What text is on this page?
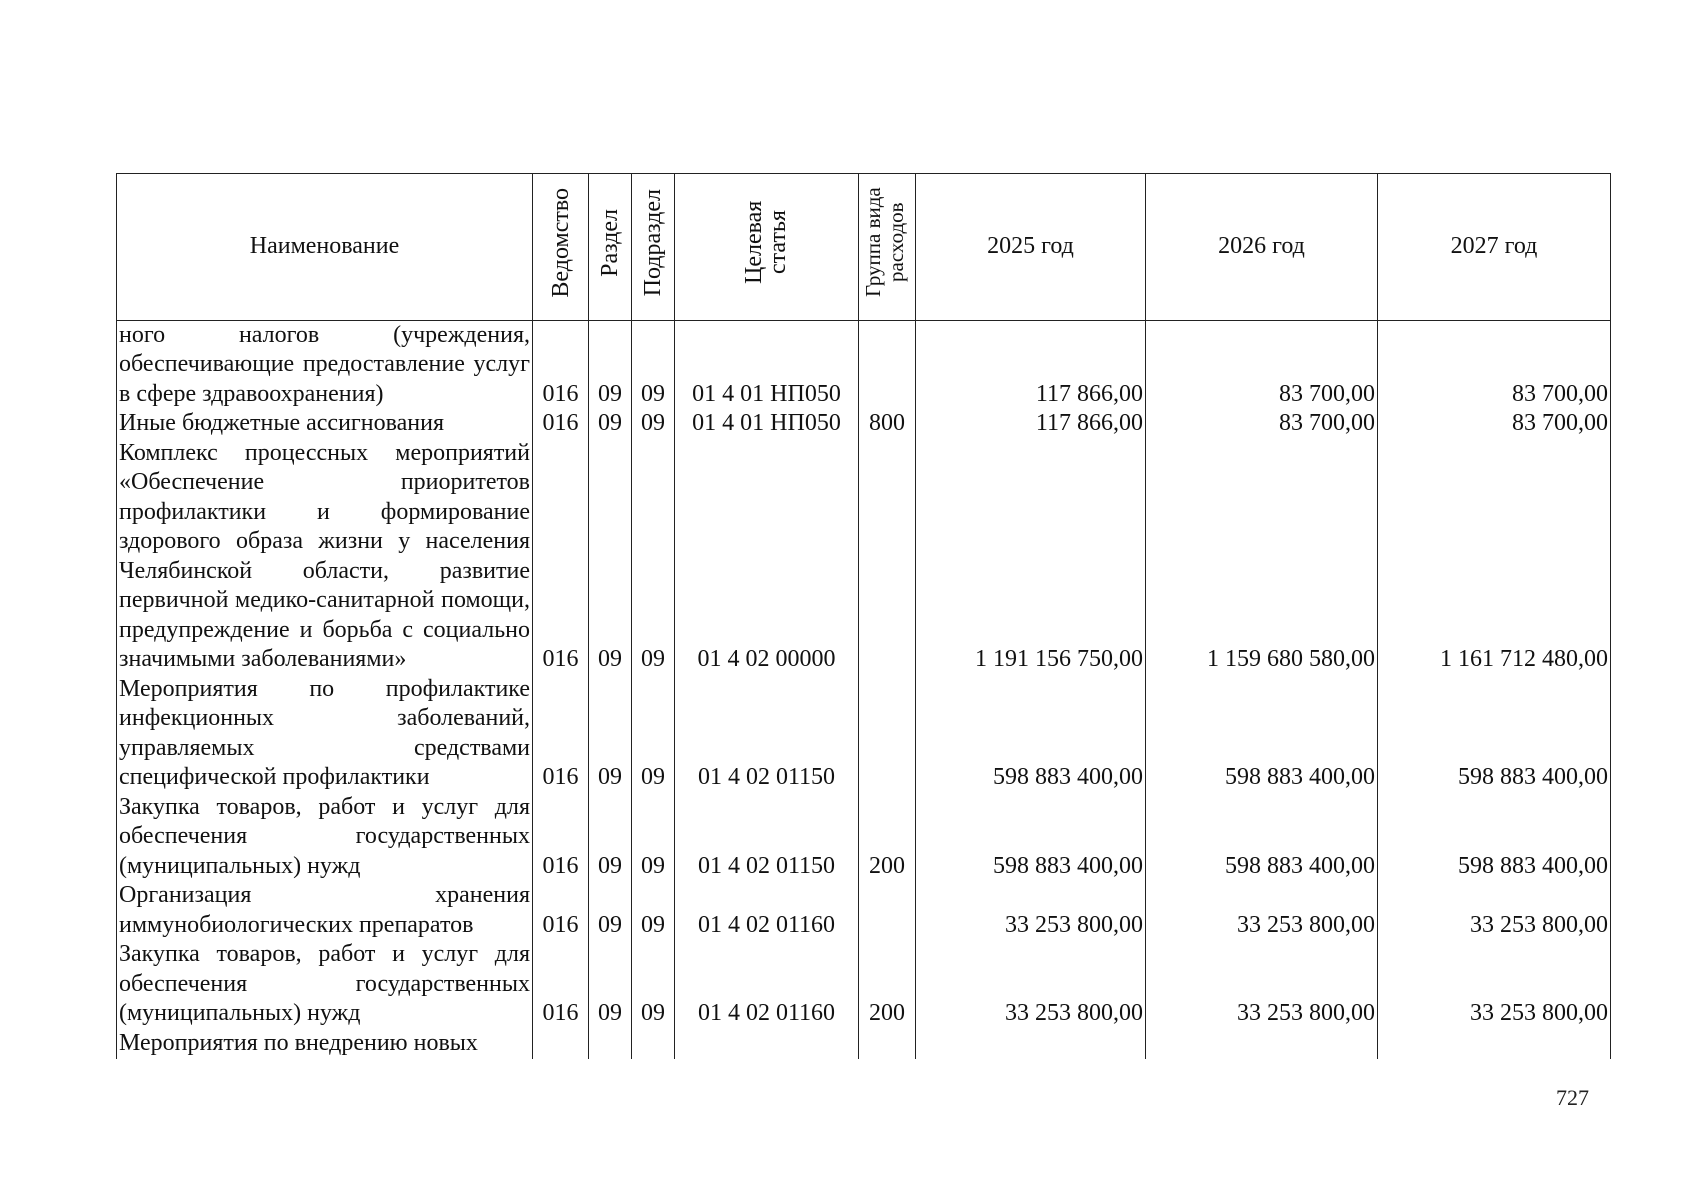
Наименование	Ведомство	Раздел	Подраздел	Целевая статья	Группа вида расходов	2025 год	2026 год	2027 год
ного налогов (учреждения, обеспечивающие предоставление услуг в сфере здравоохранения)	016	09	09	01 4 01 НП050		117 866,00	83 700,00	83 700,00
Иные бюджетные ассигнования	016	09	09	01 4 01 НП050	800	117 866,00	83 700,00	83 700,00
Комплекс процессных мероприятий «Обеспечение приоритетов профилактики и формирование здорового образа жизни у населения Челябинской области, развитие первичной медико-санитарной помощи, предупреждение и борьба с социально значимыми заболеваниями»	016	09	09	01 4 02 00000		1 191 156 750,00	1 159 680 580,00	1 161 712 480,00
Мероприятия по профилактике инфекционных заболеваний, управляемых средствами специфической профилактики	016	09	09	01 4 02 01150		598 883 400,00	598 883 400,00	598 883 400,00
Закупка товаров, работ и услуг для обеспечения государственных (муниципальных) нужд	016	09	09	01 4 02 01150	200	598 883 400,00	598 883 400,00	598 883 400,00
Организация хранения иммунобиологических препаратов	016	09	09	01 4 02 01160		33 253 800,00	33 253 800,00	33 253 800,00
Закупка товаров, работ и услуг для обеспечения государственных (муниципальных) нужд	016	09	09	01 4 02 01160	200	33 253 800,00	33 253 800,00	33 253 800,00
Мероприятия по внедрению новых								
727
